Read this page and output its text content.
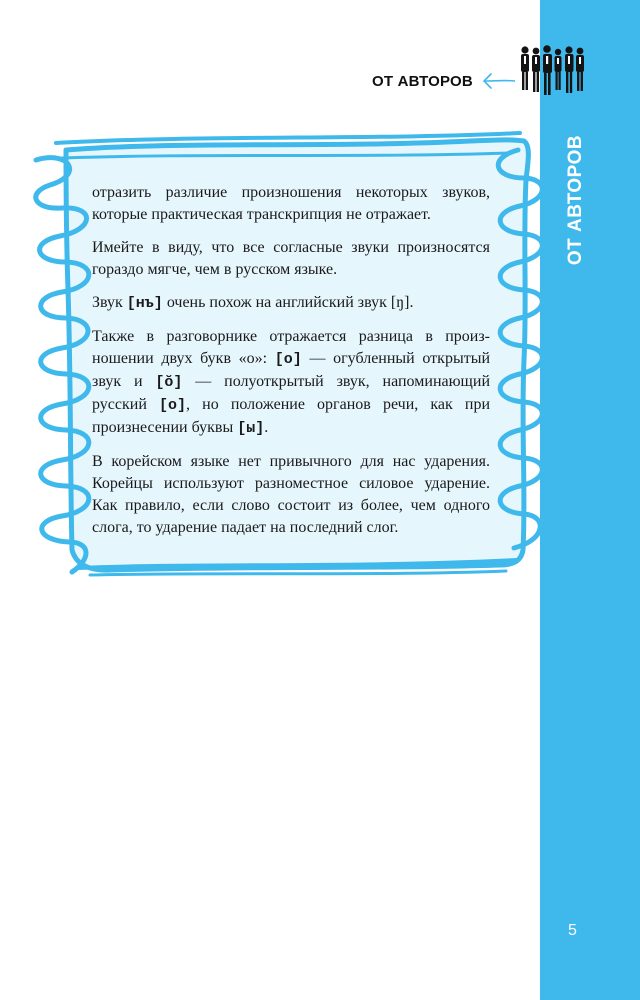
ОТ АВТОРОВ
5
ОТ АВТОРОВ

отразить различие произношения некоторых звуков, которые практическая транскрипция не отражает.

Имейте в виду, что все согласные звуки произносятся гораздо мягче, чем в русском языке.

Звук [нъ] очень похож на английский звук [ŋ].

Также в разговорнике отражается разница в произношении двух букв «о»: [о] — огубленный открытый звук и [ŏ] — полуоткрытый звук, напоминающий русский [о], но положение органов речи, как при произнесении буквы [ы].

В корейском языке нет привычного для нас ударения. Корейцы используют разноместное силовое ударение. Как правило, если слово состоит из более, чем одного слога, то ударение падает на последний слог.
